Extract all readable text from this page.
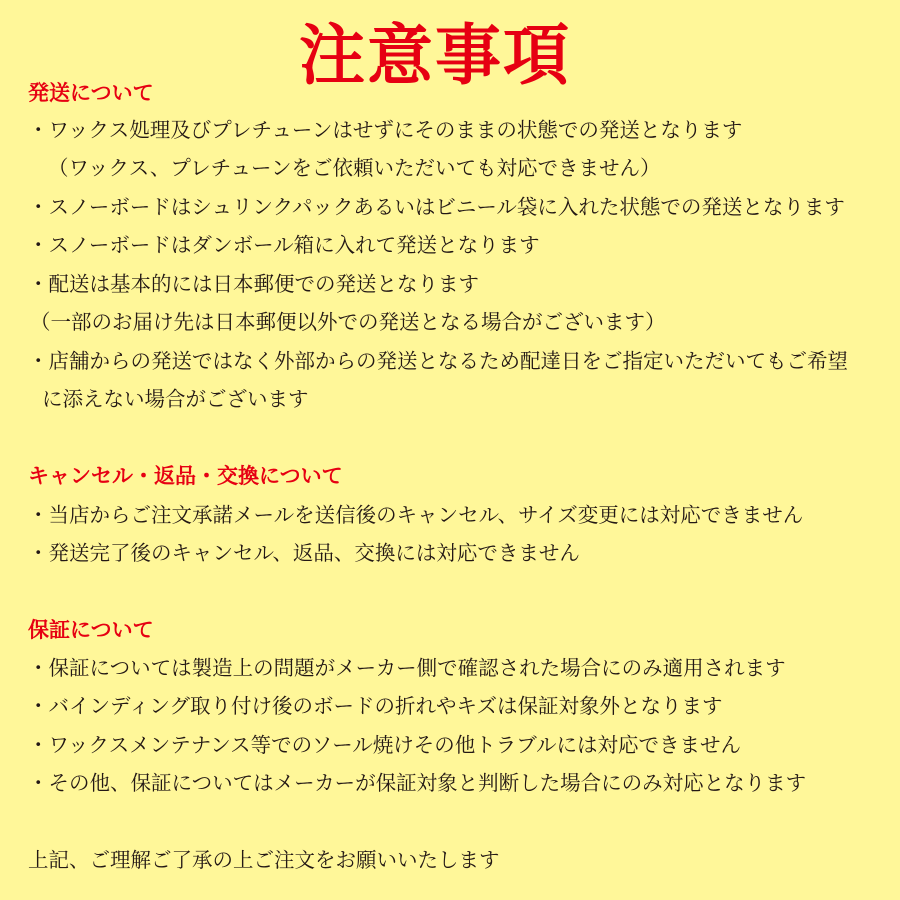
注意事項
発送について

・ワックス処理及びプレチューンはせずにそのままの状態での発送となります

（ワックス、プレチューンをご依頼いただいても対応できません）

・スノーボードはシュリンクパックあるいはビニール袋に入れた状態での発送となります

・スノーボードはダンボール箱に入れて発送となります

・配送は基本的には日本郵便での発送となります

（一部のお届け先は日本郵便以外での発送となる場合がございます）

・店舗からの発送ではなく外部からの発送となるため配達日をご指定いただいてもご希望

に添えない場合がございます

キャンセル・返品・交換について

・当店からご注文承諾メールを送信後のキャンセル、サイズ変更には対応できません

・発送完了後のキャンセル、返品、交換には対応できません

保証について

・保証については製造上の問題がメーカー側で確認された場合にのみ適用されます

・バインディング取り付け後のボードの折れやキズは保証対象外となります

・ワックスメンテナンス等でのソール焼けその他トラブルには対応できません

・その他、保証についてはメーカーが保証対象と判断した場合にのみ対応となります

上記、ご理解ご了承の上ご注文をお願いいたします
